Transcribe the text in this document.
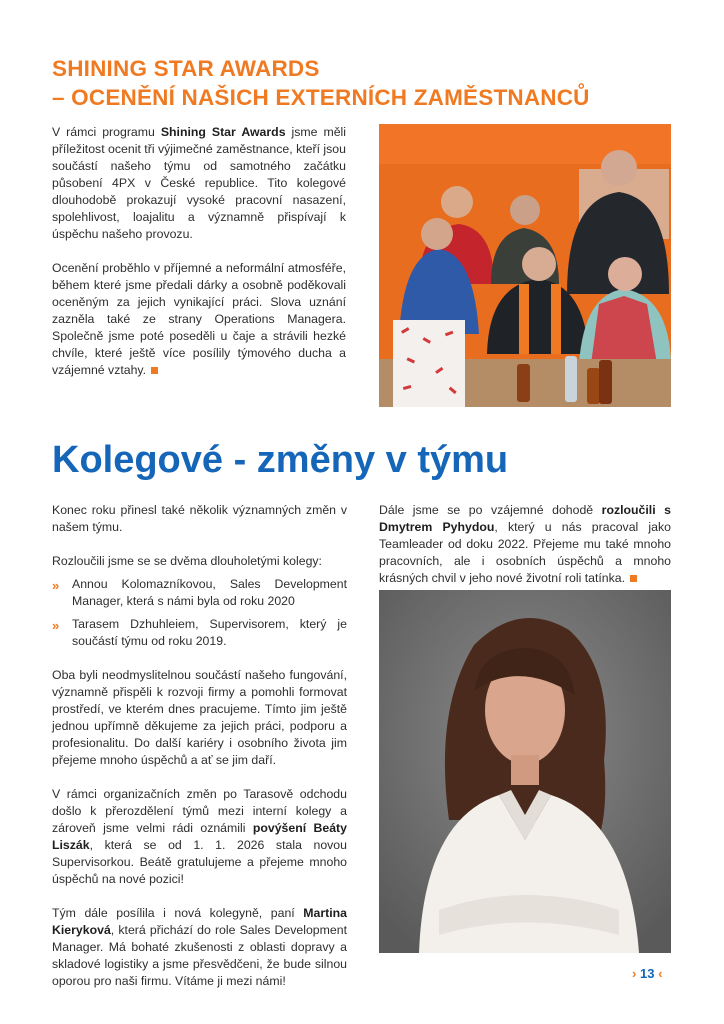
SHINING STAR AWARDS
– OCENĚNÍ NAŠICH EXTERNÍCH ZAMĚSTNANCŮ

V rámci programu Shining Star Awards jsme měli příležitost ocenit tři výjimečné zaměstnance, kteří jsou součástí našeho týmu od samotného začátku působení 4PX v České republice. Tito kolegové dlouhodobě prokazují vysoké pracovní nasazení, spolehlivost, loajalitu a významně přispívají k úspěchu našeho provozu.

Ocenění proběhlo v příjemné a neformální atmosféře, během které jsme předali dárky a osobně poděkovali oceněným za jejich vynikající práci. Slova uznání zazněla také ze strany Operations Managera. Společně jsme poté poseděli u čaje a strávili hezké chvíle, které ještě více posílily týmového ducha a vzájemné vztahy.

Kolegové - změny v týmu

Konec roku přinesl také několik významných změn v našem týmu.

Rozloučili jsme se se dvěma dlouholetými kolegy:

» Annou Kolomazníkovou, Sales Development Manager, která s námi byla od roku 2020
» Tarasem Dzhuhleiem, Supervisorem, který je součástí týmu od roku 2019.

Oba byli neodmyslitelnou součástí našeho fungování, významně přispěli k rozvoji firmy a pomohli formovat prostředí, ve kterém dnes pracujeme. Tímto jim ještě jednou upřímně děkujeme za jejich práci, podporu a profesionalitu. Do další kariéry i osobního života jim přejeme mnoho úspěchů a ať se jim daří.

V rámci organizačních změn po Tarasově odchodu došlo k přerozdělení týmů mezi interní kolegy a zároveň jsme velmi rádi oznámili povýšení Beáty Liszák, která se od 1. 1. 2026 stala novou Supervisorkou. Beátě gratulujeme a přejeme mnoho úspěchů na nové pozici!

Tým dále posílila i nová kolegyně, paní Martina Kieryková, která přichází do role Sales Development Manager. Má bohaté zkušenosti z oblasti dopravy a skladové logistiky a jsme přesvědčeni, že bude silnou oporou pro naši firmu. Vítáme ji mezi námi!

Dále jsme se po vzájemné dohodě rozloučili s Dmytrem Pyhydou, který u nás pracoval jako Teamleader od doku 2022. Přejeme mu také mnoho pracovních, ale i osobních úspěchů a mnoho krásných chvil v jeho nové životní roli tatínka.

› 13 ‹
